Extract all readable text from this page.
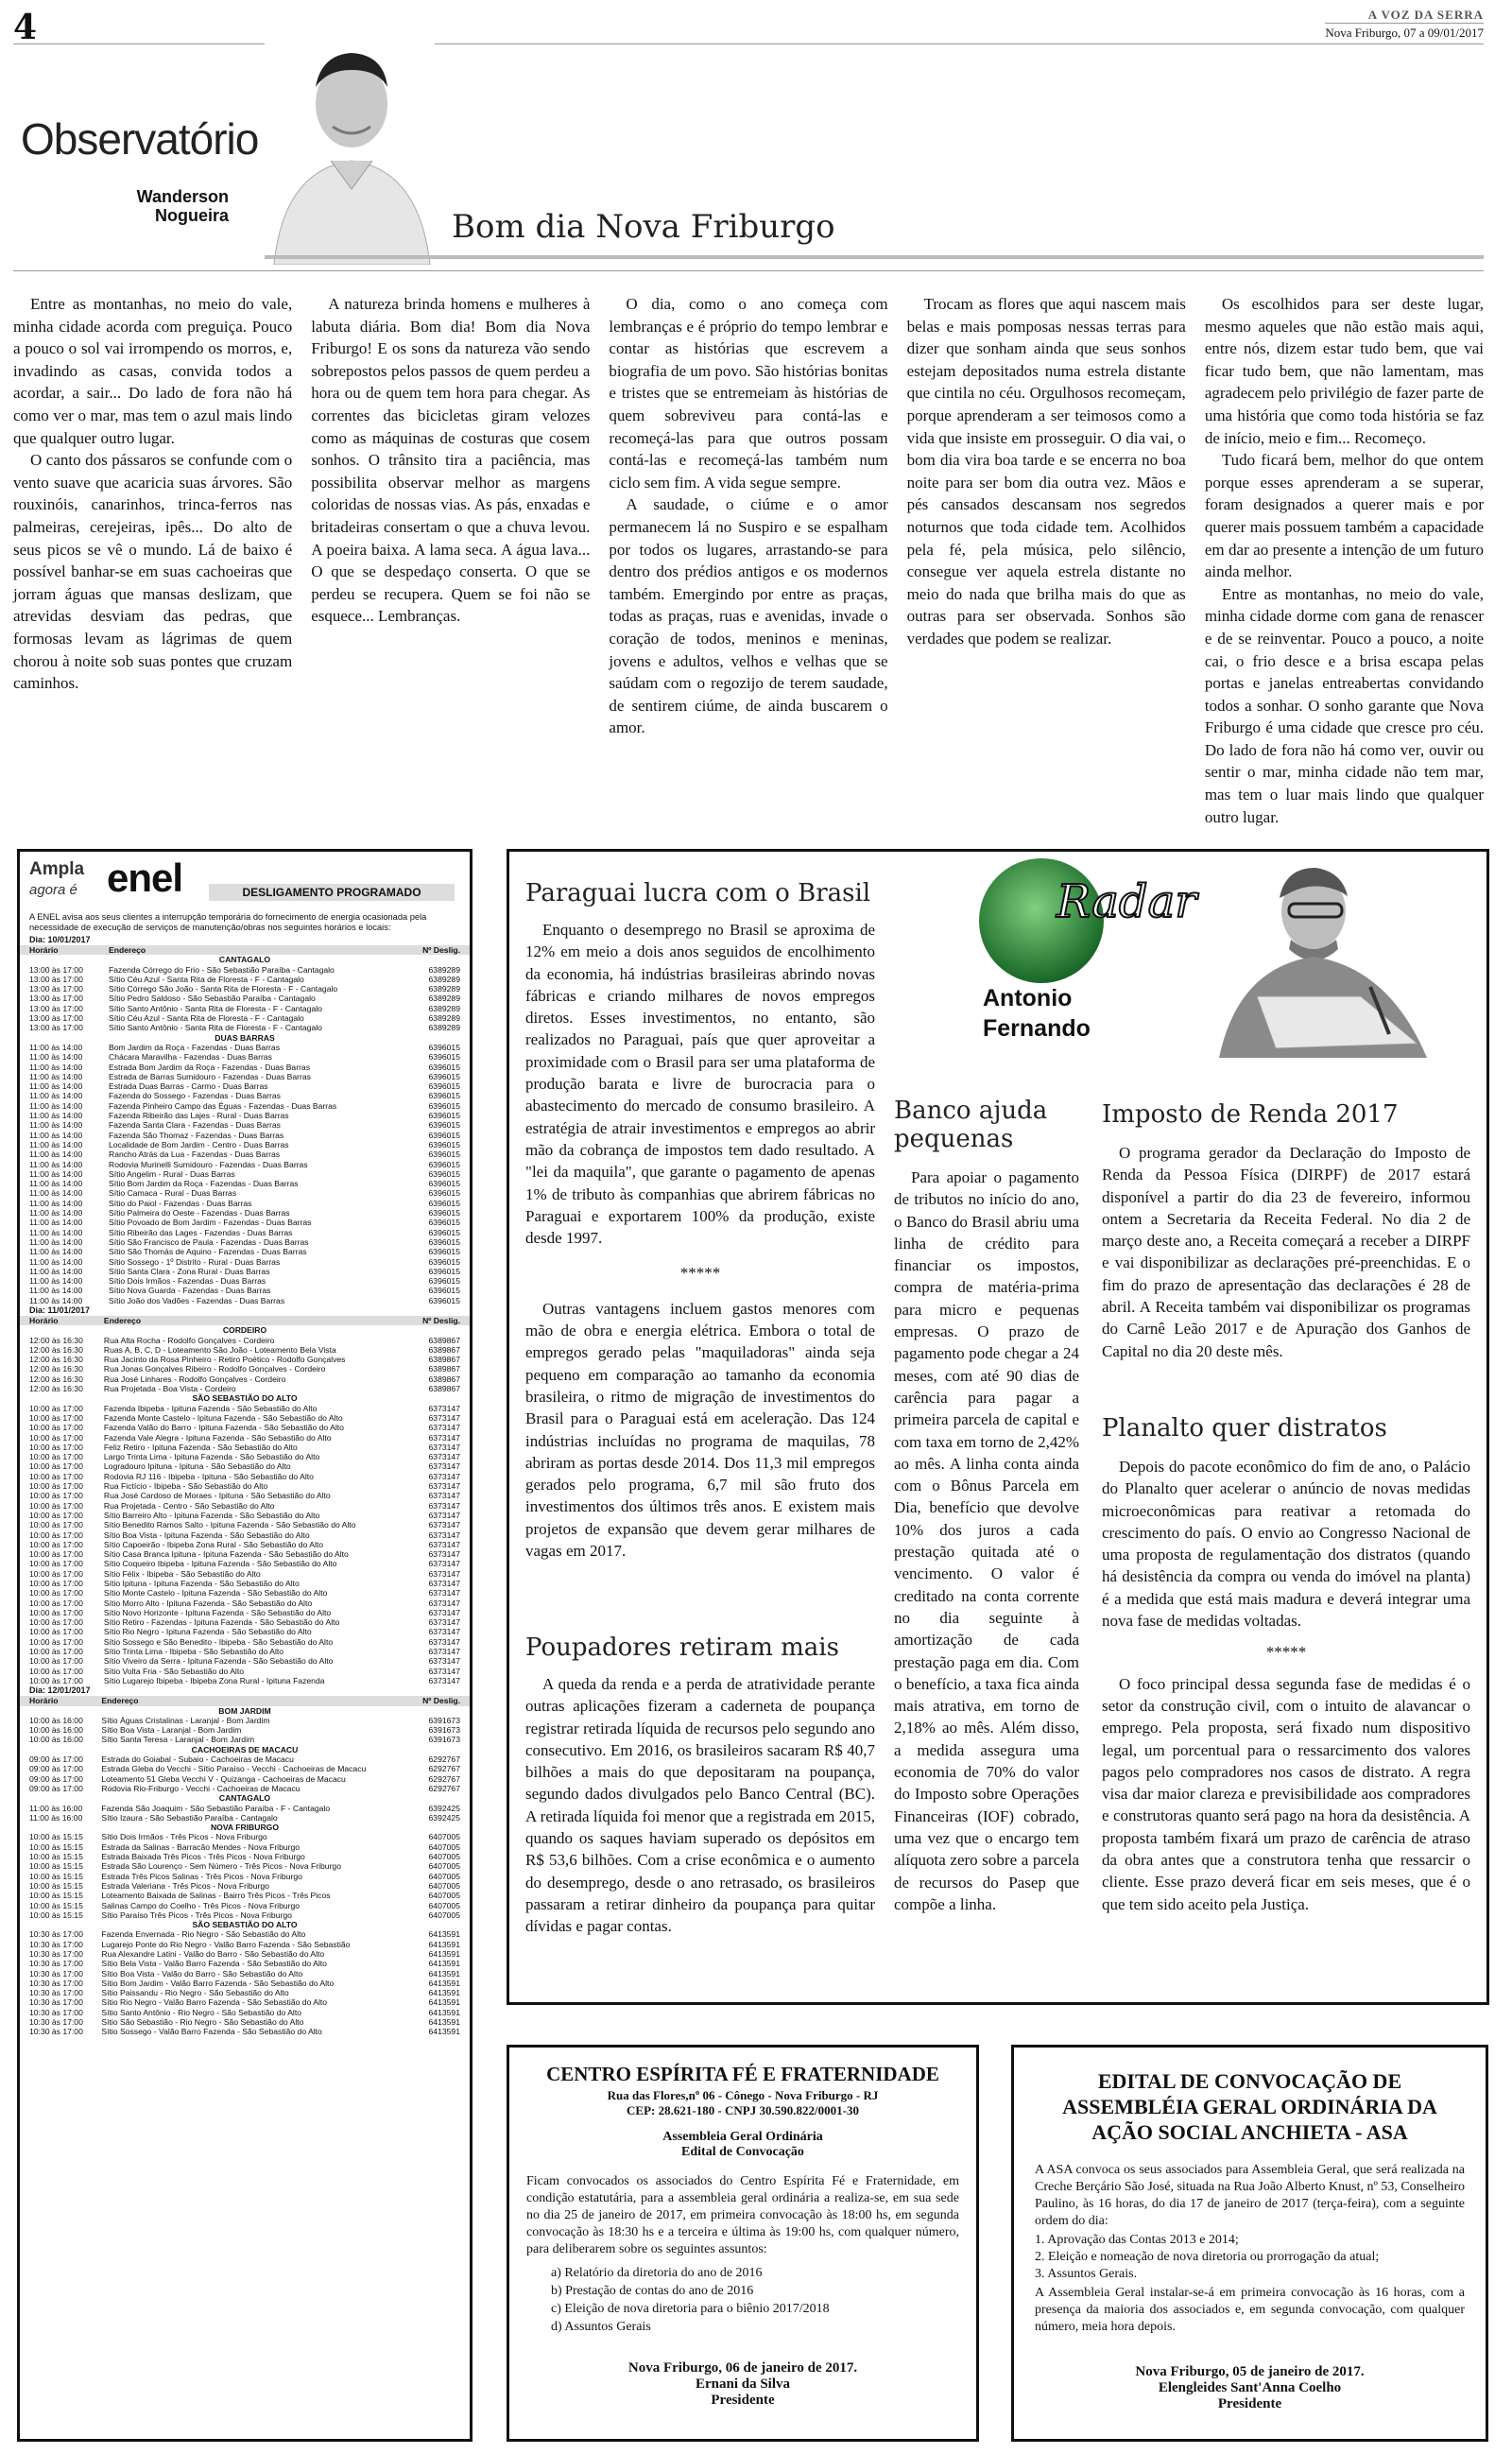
4	A VOZ DA SERRA
Nova Friburgo, 07 a 09/01/2017
Observatório
Wanderson Nogueira	Bom dia Nova Friburgo

Entre as montanhas, no meio do vale, minha cidade acorda com preguiça. Pouco a pouco o sol vai irrompendo os morros, e, invadindo as casas, convida todos a acordar, a sair... Do lado de fora não há como ver o mar, mas tem o azul mais lindo que qualquer outro lugar.

O canto dos pássaros se confunde com o vento suave que acaricia suas árvores. São rouxinóis, canarinhos, trinca-ferros nas palmeiras, cerejeiras, ipês... Do alto de seus picos se vê o mundo. Lá de baixo é possível banhar-se em suas cachoeiras que jorram águas que mansas deslizam, que atrevidas desviam das pedras, que formosas levam as lágrimas de quem chorou à noite sob suas pontes que cruzam caminhos.

A natureza brinda homens e mulheres à labuta diária. Bom dia! Bom dia Nova Friburgo! E os sons da natureza vão sendo sobrepostos pelos passos de quem perdeu a hora ou de quem tem hora para chegar. As correntes das bicicletas giram velozes como as máquinas de costuras que cosem sonhos. O trânsito tira a paciência, mas possibilita observar melhor as margens coloridas de nossas vias. As pás, enxadas e britadeiras consertam o que a chuva levou. A poeira baixa. A lama seca. A água lava... O que se despedaço conserta. O que se perdeu se recupera. Quem se foi não se esquece... Lembranças.

O dia, como o ano começa com lembranças e é próprio do tempo lembrar e contar as histórias que escrevem a biografia de um povo. São histórias bonitas e tristes que se entremeiam às histórias de quem sobreviveu para contá-las e recomeçá-las para que outros possam contá-las e recomeçá-las também num ciclo sem fim. A vida segue sempre.

A saudade, o ciúme e o amor permanecem lá no Suspiro e se espalham por todos os lugares, arrastando-se para dentro dos prédios antigos e os modernos também. Emergindo por entre as praças, todas as praças, ruas e avenidas, invade o coração de todos, meninos e meninas, jovens e adultos, velhos e velhas que se saúdam com o regozijo de terem saudade, de sentirem ciúme, de ainda buscarem o amor.

Trocam as flores que aqui nascem mais belas e mais pomposas nessas terras para dizer que sonham ainda que seus sonhos estejam depositados numa estrela distante que cintila no céu. Orgulhosos recomeçam, porque aprenderam a ser teimosos como a vida que insiste em prosseguir. O dia vai, o bom dia vira boa tarde e se encerra no boa noite para ser bom dia outra vez. Mãos e pés cansados descansam nos segredos noturnos que toda cidade tem. Acolhidos pela fé, pela música, pelo silêncio, consegue ver aquela estrela distante no meio do nada que brilha mais do que as outras para ser observada. Sonhos são verdades que podem se realizar.

Os escolhidos para ser deste lugar, mesmo aqueles que não estão mais aqui, entre nós, dizem estar tudo bem, que vai ficar tudo bem, que não lamentam, mas agradecem pelo privilégio de fazer parte de uma história que como toda história se faz de início, meio e fim... Recomeço.

Tudo ficará bem, melhor do que ontem porque esses aprenderam a se superar, foram designados a querer mais e por querer mais possuem também a capacidade em dar ao presente a intenção de um futuro ainda melhor.

Entre as montanhas, no meio do vale, minha cidade dorme com gana de renascer e de se reinventar. Pouco a pouco, a noite cai, o frio desce e a brisa escapa pelas portas e janelas entreabertas convidando todos a sonhar. O sonho garante que Nova Friburgo é uma cidade que cresce pro céu. Do lado de fora não há como ver, ouvir ou sentir o mar, minha cidade não tem mar, mas tem o luar mais lindo que qualquer outro lugar.

Ampla
agora é enel	DESLIGAMENTO PROGRAMADO
A ENEL avisa aos seus clientes a interrupção temporária do fornecimento de energia ocasionada pela necessidade de execução de serviços de manutenção/obras nos seguintes horários e locais:
Dia: 10/01/2017
Horário	Endereço	Nº Deslig.
CANTAGALO		
13:00 às 17:00	Fazenda Córrego do Frio - São Sebastião Paraíba - Cantagalo	6389289
13:00 às 17:00	Sítio Céu Azul - Santa Rita de Floresta - F - Cantagalo	6389289
13:00 às 17:00	Sítio Córrego São João - Santa Rita de Floresta - F - Cantagalo	6389289
13:00 às 17:00	Sítio Pedro Saldoso - São Sebastião Paraíba - Cantagalo	6389289
13:00 às 17:00	Sítio Santo Antônio - Santa Rita de Floresta - F - Cantagalo	6389289
13:00 às 17:00	Sítio Céu Azul - Santa Rita de Floresta - F - Cantagalo	6389289
13:00 às 17:00	Sítio Santo Antônio - Santa Rita de Floresta - F - Cantagalo	6389289
DUAS BARRAS		
11:00 às 14:00	Bom Jardim da Roça - Fazendas - Duas Barras	6396015
11:00 às 14:00	Chácara Maravilha - Fazendas - Duas Barras	6396015
11:00 às 14:00	Estrada Bom Jardim da Roça - Fazendas - Duas Barras	6396015
11:00 às 14:00	Estrada de Barras Sumidouro - Fazendas - Duas Barras	6396015
11:00 às 14:00	Estrada Duas Barras - Carmo - Duas Barras	6396015
11:00 às 14:00	Fazenda do Sossego - Fazendas - Duas Barras	6396015
11:00 às 14:00	Fazenda Pinheiro Campo das Éguas - Fazendas - Duas Barras	6396015
11:00 às 14:00	Fazenda Ribeirão das Lajes - Rural - Duas Barras	6396015
11:00 às 14:00	Fazenda Santa Clara - Fazendas - Duas Barras	6396015
11:00 às 14:00	Fazenda São Thomaz - Fazendas - Duas Barras	6396015
11:00 às 14:00	Localidade de Bom Jardim - Centro - Duas Barras	6396015
11:00 às 14:00	Rancho Atrás da Lua - Fazendas - Duas Barras	6396015
11:00 às 14:00	Rodovia Murinelli Sumidouro - Fazendas - Duas Barras	6396015
11:00 às 14:00	Sítio Angelim - Rural - Duas Barras	6396015
11:00 às 14:00	Sítio Bom Jardim da Roça - Fazendas - Duas Barras	6396015
11:00 às 14:00	Sítio Camaca - Rural - Duas Barras	6396015
11:00 às 14:00	Sítio do Paiol - Fazendas - Duas Barras	6396015
11:00 às 14:00	Sítio Palmeira do Oeste - Fazendas - Duas Barras	6396015
11:00 às 14:00	Sítio Povoado de Bom Jardim - Fazendas - Duas Barras	6396015
11:00 às 14:00	Sítio Ribeirão das Lages - Fazendas - Duas Barras	6396015
11:00 às 14:00	Sítio São Francisco de Paula - Fazendas - Duas Barras	6396015
11:00 às 14:00	Sítio São Thomás de Aquino - Fazendas - Duas Barras	6396015
11:00 às 14:00	Sítio Sossego - 1º Distrito - Rural - Duas Barras	6396015
11:00 às 14:00	Sítio Santa Clara - Zona Rural - Duas Barras	6396015
11:00 às 14:00	Sítio Dois Irmãos - Fazendas - Duas Barras	6396015
11:00 às 14:00	Sítio Nova Guarda - Fazendas - Duas Barras	6396015
11:00 às 14:00	Sítio João dos Vadões - Fazendas - Duas Barras	6396015
Dia: 11/01/2017
Horário	Endereço	Nº Deslig.
CORDEIRO		
12:00 às 16:30	Rua Alta Rocha - Rodolfo Gonçalves - Cordeiro	6389867
12:00 às 16:30	Ruas A, B, C, D - Loteamento São João - Loteamento Bela Vista	6389867
12:00 às 16:30	Rua Jacinto da Rosa Pinheiro - Retiro Poético - Rodolfo Gonçalves	6389867
12:00 às 16:30	Rua Jonas Gonçalves Ribeiro - Rodolfo Gonçalves - Cordeiro	6389867
12:00 às 16:30	Rua José Linhares - Rodolfo Gonçalves - Cordeiro	6389867
12:00 às 16:30	Rua Projetada - Boa Vista - Cordeiro	6389867
SÃO SEBASTIÃO DO ALTO		
10:00 às 17:00	Fazenda Ibipeba - Ipituna Fazenda - São Sebastião do Alto	6373147
10:00 às 17:00	Fazenda Monte Castelo - Ipituna Fazenda - São Sebastião do Alto	6373147
10:00 às 17:00	Fazenda Valão do Barro - Ipituna Fazenda - São Sebastião do Alto	6373147
10:00 às 17:00	Fazenda Vale Alegra - Ipituna Fazenda - São Sebastião do Alto	6373147
10:00 às 17:00	Feliz Retiro - Ipituna Fazenda - São Sebastião do Alto	6373147
10:00 às 17:00	Largo Trinta Lima - Ipituna Fazenda - São Sebastião do Alto	6373147
10:00 às 17:00	Logradouro Ipituna - Ipituna - São Sebastião do Alto	6373147
10:00 às 17:00	Rodovia RJ 116 - Ibipeba - Ipituna - São Sebastião do Alto	6373147
10:00 às 17:00	Rua Fictício - Ibipeba - São Sebastião do Alto	6373147
10:00 às 17:00	Rua José Cardoso de Moraes - Ipituna - São Sebastião do Alto	6373147
10:00 às 17:00	Rua Projetada - Centro - São Sebastião do Alto	6373147
10:00 às 17:00	Sítio Barreiro Alto - Ipituna Fazenda - São Sebastião do Alto	6373147
10:00 às 17:00	Sítio Benedito Ramos Salto - Ipituna Fazenda - São Sebastião do Alto	6373147
10:00 às 17:00	Sítio Boa Vista - Ipituna Fazenda - São Sebastião do Alto	6373147
10:00 às 17:00	Sítio Capoeirão - Ibipeba Zona Rural - São Sebastião do Alto	6373147
10:00 às 17:00	Sítio Casa Branca Ipituna - Ipituna Fazenda - São Sebastião do Alto	6373147
10:00 às 17:00	Sítio Coqueiro Ibipeba - Ipituna Fazenda - São Sebastião do Alto	6373147
10:00 às 17:00	Sítio Félix - Ibipeba - São Sebastião do Alto	6373147
10:00 às 17:00	Sítio Ipituna - Ipituna Fazenda - São Sebastião do Alto	6373147
10:00 às 17:00	Sítio Monte Castelo - Ipituna Fazenda - São Sebastião do Alto	6373147
10:00 às 17:00	Sítio Morro Alto - Ipituna Fazenda - São Sebastião do Alto	6373147
10:00 às 17:00	Sítio Novo Horizonte - Ipituna Fazenda - São Sebastião do Alto	6373147
10:00 às 17:00	Sítio Retiro - Fazendas - Ipituna Fazenda - São Sebastião do Alto	6373147
10:00 às 17:00	Sítio Rio Negro - Ipituna Fazenda - São Sebastião do Alto	6373147
10:00 às 17:00	Sítio Sossego e São Benedito - Ibipeba - São Sebastião do Alto	6373147
10:00 às 17:00	Sítio Trinta Lima - Ibipeba - São Sebastião do Alto	6373147
10:00 às 17:00	Sítio Viveiro da Serra - Ipituna Fazenda - São Sebastião do Alto	6373147
10:00 às 17:00	Sítio Volta Fria - São Sebastião do Alto	6373147
10:00 às 17:00	Sítio Lugarejo Ibipeba - Ibipeba Zona Rural - Ipituna Fazenda	6373147
Dia: 12/01/2017
Horário	Endereço	Nº Deslig.
BOM JARDIM		
10:00 às 16:00	Sítio Águas Cristalinas - Laranjal - Bom Jardim	6391673
10:00 às 16:00	Sítio Boa Vista - Laranjal - Bom Jardim	6391673
10:00 às 16:00	Sítio Santa Teresa - Laranjal - Bom Jardim	6391673
CACHOEIRAS DE MACACU		
09:00 às 17:00	Estrada do Goiabal - Subaio - Cachoeiras de Macacu	6292767
09:00 às 17:00	Estrada Gleba do Vecchi - Sítio Paraíso - Vecchi - Cachoeiras de Macacu	6292767
09:00 às 17:00	Loteamento 51 Gleba Vecchi V - Quizanga - Cachoeiras de Macacu	6292767
09:00 às 17:00	Rodovia Rio-Friburgo - Vecchi - Cachoeiras de Macacu	6292767
CANTAGALO		
11:00 às 16:00	Fazenda São Joaquim - São Sebastião Paraíba - F - Cantagalo	6392425
11:00 às 16:00	Sítio Izaura - São Sebastião Paraíba - Cantagalo	6392425
NOVA FRIBURGO		
10:00 às 15:15	Sítio Dois Irmãos - Três Picos - Nova Friburgo	6407005
10:00 às 15:15	Estrada da Salinas - Barracão Mendes - Nova Friburgo	6407005
10:00 às 15:15	Estrada Baixada Três Picos - Três Picos - Nova Friburgo	6407005
10:00 às 15:15	Estrada São Lourenço - Sem Número - Três Picos - Nova Friburgo	6407005
10:00 às 15:15	Estrada Três Picos Salinas - Três Picos - Nova Friburgo	6407005
10:00 às 15:15	Estrada Valeriana - Três Picos - Nova Friburgo	6407005
10:00 às 15:15	Loteamento Baixada de Salinas - Bairro Três Picos - Três Picos	6407005
10:00 às 15:15	Salinas Campo do Coelho - Três Picos - Nova Friburgo	6407005
10:00 às 15:15	Sítio Paraíso Três Picos - Três Picos - Nova Friburgo	6407005
SÃO SEBASTIÃO DO ALTO		
10:30 às 17:00	Fazenda Envernada - Rio Negro - São Sebastião do Alto	6413591
10:30 às 17:00	Lugarejo Ponte do Rio Negro - Valão Barro Fazenda - São Sebastião	6413591
10:30 às 17:00	Rua Alexandre Latini - Valão do Barro - São Sebastião do Alto	6413591
10:30 às 17:00	Sítio Bela Vista - Valão Barro Fazenda - São Sebastião do Alto	6413591
10:30 às 17:00	Sítio Boa Vista - Valão do Barro - São Sebastião do Alto	6413591
10:30 às 17:00	Sítio Bom Jardim - Valão Barro Fazenda - São Sebastião do Alto	6413591
10:30 às 17:00	Sítio Paissandu - Rio Negro - São Sebastião do Alto	6413591
10:30 às 17:00	Sítio Rio Negro - Valão Barro Fazenda - São Sebastião do Alto	6413591
10:30 às 17:00	Sítio Santo Antônio - Rio Negro - São Sebastião do Alto	6413591
10:30 às 17:00	Sítio São Sebastião - Rio Negro - São Sebastião do Alto	6413591
10:30 às 17:00	Sítio Sossego - Valão Barro Fazenda - São Sebastião do Alto	6413591
Radar
Antonio Fernando
Paraguai lucra com o Brasil

Enquanto o desemprego no Brasil se aproxima de 12% em meio a dois anos seguidos de encolhimento da economia, há indústrias brasileiras abrindo novas fábricas e criando milhares de novos empregos diretos. Esses investimentos, no entanto, são realizados no Paraguai, país que quer aproveitar a proximidade com o Brasil para ser uma plataforma de produção barata e livre de burocracia para o abastecimento do mercado de consumo brasileiro. A estratégia de atrair investimentos e empregos ao abrir mão da cobrança de impostos tem dado resultado. A "lei da maquila", que garante o pagamento de apenas 1% de tributo às companhias que abrirem fábricas no Paraguai e exportarem 100% da produção, existe desde 1997.

*****

Outras vantagens incluem gastos menores com mão de obra e energia elétrica. Embora o total de empregos gerado pelas "maquiladoras" ainda seja pequeno em comparação ao tamanho da economia brasileira, o ritmo de migração de investimentos do Brasil para o Paraguai está em aceleração. Das 124 indústrias incluídas no programa de maquilas, 78 abriram as portas desde 2014. Dos 11,3 mil empregos gerados pelo programa, 6,7 mil são fruto dos investimentos dos últimos três anos. E existem mais projetos de expansão que devem gerar milhares de vagas em 2017.

Poupadores retiram mais

A queda da renda e a perda de atratividade perante outras aplicações fizeram a caderneta de poupança registrar retirada líquida de recursos pelo segundo ano consecutivo. Em 2016, os brasileiros sacaram R$ 40,7 bilhões a mais do que depositaram na poupança, segundo dados divulgados pelo Banco Central (BC). A retirada líquida foi menor que a registrada em 2015, quando os saques haviam superado os depósitos em R$ 53,6 bilhões. Com a crise econômica e o aumento do desemprego, desde o ano retrasado, os brasileiros passaram a retirar dinheiro da poupança para quitar dívidas e pagar contas.

Banco ajuda pequenas

Para apoiar o pagamento de tributos no início do ano, o Banco do Brasil abriu uma linha de crédito para financiar os impostos, compra de matéria-prima para micro e pequenas empresas. O prazo de pagamento pode chegar a 24 meses, com até 90 dias de carência para pagar a primeira parcela de capital e com taxa em torno de 2,42% ao mês. A linha conta ainda com o Bônus Parcela em Dia, benefício que devolve 10% dos juros a cada prestação quitada até o vencimento. O valor é creditado na conta corrente no dia seguinte à amortização de cada prestação paga em dia. Com o benefício, a taxa fica ainda mais atrativa, em torno de 2,18% ao mês. Além disso, a medida assegura uma economia de 70% do valor do Imposto sobre Operações Financeiras (IOF) cobrado, uma vez que o encargo tem alíquota zero sobre a parcela de recursos do Pasep que compõe a linha.

Imposto de Renda 2017

O programa gerador da Declaração do Imposto de Renda da Pessoa Física (DIRPF) de 2017 estará disponível a partir do dia 23 de fevereiro, informou ontem a Secretaria da Receita Federal. No dia 2 de março deste ano, a Receita começará a receber a DIRPF e vai disponibilizar as declarações pré-preenchidas. E o fim do prazo de apresentação das declarações é 28 de abril. A Receita também vai disponibilizar os programas do Carnê Leão 2017 e de Apuração dos Ganhos de Capital no dia 20 deste mês.

Planalto quer distratos

Depois do pacote econômico do fim de ano, o Palácio do Planalto quer acelerar o anúncio de novas medidas microeconômicas para reativar a retomada do crescimento do país. O envio ao Congresso Nacional de uma proposta de regulamentação dos distratos (quando há desistência da compra ou venda do imóvel na planta) é a medida que está mais madura e deverá integrar uma nova fase de medidas voltadas.

*****

O foco principal dessa segunda fase de medidas é o setor da construção civil, com o intuito de alavancar o emprego. Pela proposta, será fixado num dispositivo legal, um porcentual para o ressarcimento dos valores pagos pelo compradores nos casos de distrato. A regra visa dar maior clareza e previsibilidade aos compradores e construtoras quanto será pago na hora da desistência. A proposta também fixará um prazo de carência de atraso da obra antes que a construtora tenha que ressarcir o cliente. Esse prazo deverá ficar em seis meses, que é o que tem sido aceito pela Justiça.

CENTRO ESPÍRITA FÉ E FRATERNIDADE
Rua das Flores,nº 06 - Cônego - Nova Friburgo - RJ
CEP: 28.621-180 - CNPJ 30.590.822/0001-30
Assembleia Geral Ordinária
Edital de Convocação
Ficam convocados os associados do Centro Espírita Fé e Fraternidade, em condição estatutária, para a assembleia geral ordinária a realiza-se, em sua sede no dia 25 de janeiro de 2017, em primeira convocação às 18:00 hs, em segunda convocação às 18:30 hs e a terceira e última às 19:00 hs, com qualquer número, para deliberarem sobre os seguintes assuntos:
a) Relatório da diretoria do ano de 2016
b) Prestação de contas do ano de 2016
c) Eleição de nova diretoria para o biênio 2017/2018
d) Assuntos Gerais
Nova Friburgo, 06 de janeiro de 2017.
Ernani da Silva
Presidente
EDITAL DE CONVOCAÇÃO DE ASSEMBLÉIA GERAL ORDINÁRIA DA AÇÃO SOCIAL ANCHIETA - ASA
A ASA convoca os seus associados para Assembleia Geral, que será realizada na Creche Berçário São José, situada na Rua João Alberto Knust, nº 53, Conselheiro Paulino, às 16 horas, do dia 17 de janeiro de 2017 (terça-feira), com a seguinte ordem do dia:
1. Aprovação das Contas 2013 e 2014;
2. Eleição e nomeação de nova diretoria ou prorrogação da atual;
3. Assuntos Gerais.
A Assembleia Geral instalar-se-á em primeira convocação às 16 horas, com a presença da maioria dos associados e, em segunda convocação, com qualquer número, meia hora depois.
Nova Friburgo, 05 de janeiro de 2017.
Elengleides Sant'Anna Coelho
Presidente
